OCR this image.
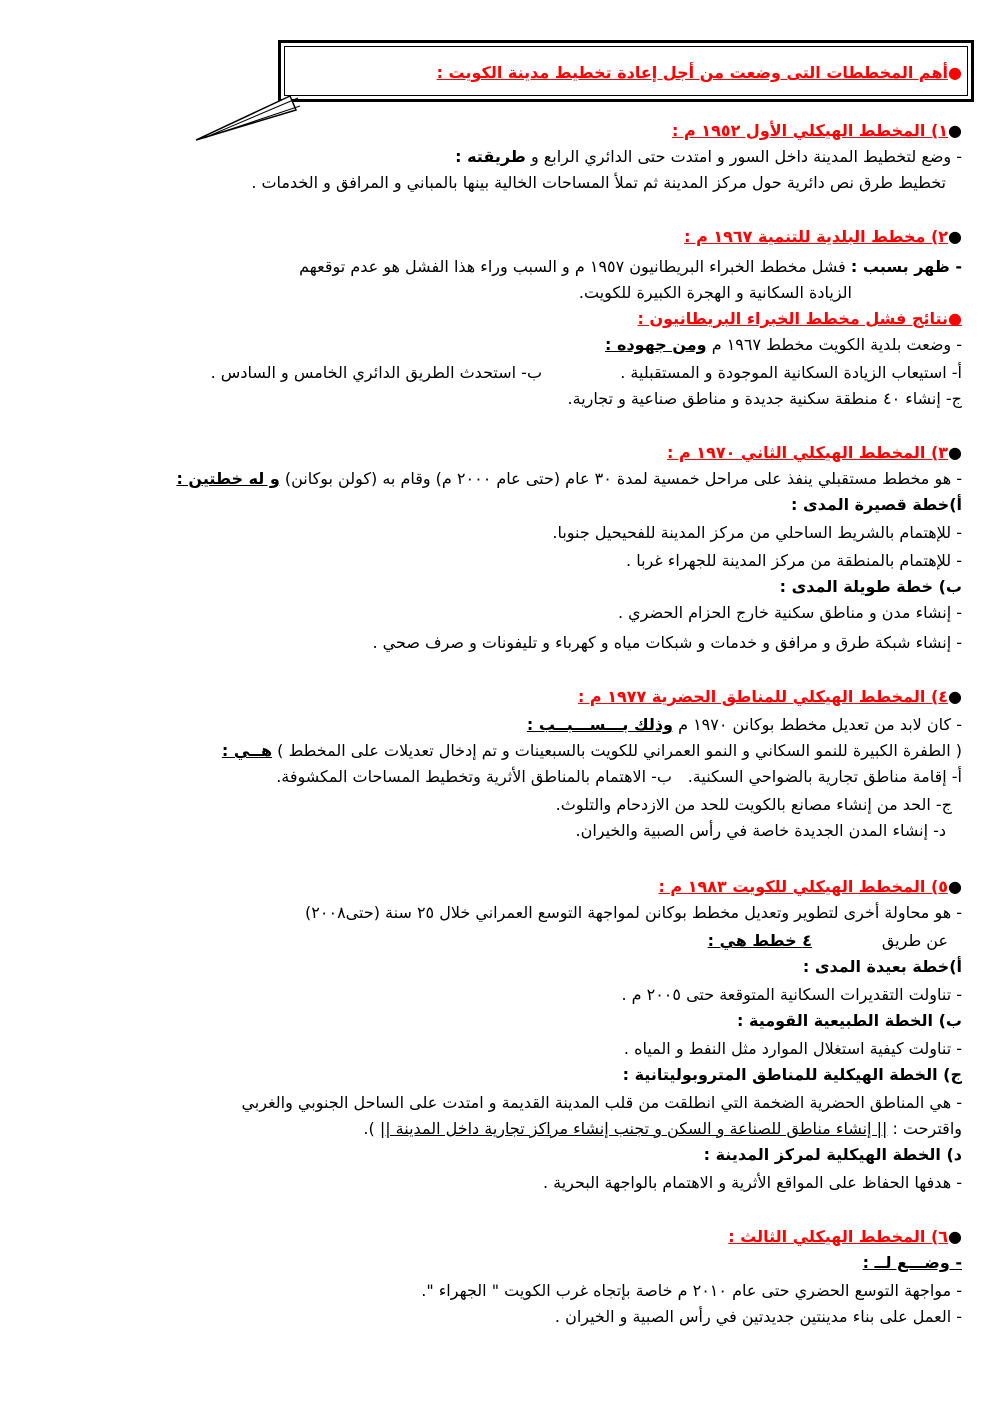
●أهم المخططات التى وضعت من أجل إعادة تخطيط مدينة الكويت :
●١) المخطط الهيكلي الأول ١٩٥٢ م :
- وضع لتخطيط المدينة داخل السور و امتدت حتى الدائري الرابع و طريقته :
تخطيط طرق نص دائرية حول مركز المدينة ثم تملأ المساحات الخالية بينها بالمباني و المرافق و الخدمات .
●٢) مخطط البلدية للتنمية ١٩٦٧ م :
- ظهر بسبب : فشل مخطط الخبراء البريطانيون ١٩٥٧ م و السبب وراء هذا الفشل هو عدم توقعهم
الزيادة السكانية و الهجرة الكبيرة للكويت.
●نتائج فشل مخطط الخبراء البريطانيون :
- وضعت بلدية الكويت مخطط ١٩٦٧ م ومن جهوده :
أ- استيعاب الزيادة السكانية الموجودة و المستقبلية .
ب- استحدث الطريق الدائري الخامس و السادس .
ج- إنشاء ٤٠ منطقة سكنية جديدة و مناطق صناعية و تجارية.
●٣) المخطط الهيكلي الثاني ١٩٧٠ م :
- هو مخطط مستقبلي ينفذ على مراحل خمسية لمدة ٣٠ عام (حتى عام ٢٠٠٠ م) وقام به (كولن بوكانن) و له خطتين :
أ)خطة قصيرة المدى :
- للإهتمام بالشريط الساحلي من مركز المدينة للفحيحيل جنوبا.
- للإهتمام بالمنطقة من مركز المدينة للجهراء غربا .
ب) خطة طويلة المدى :
- إنشاء مدن و مناطق سكنية خارج الحزام الحضري .
- إنشاء شبكة طرق و مرافق و خدمات و شبكات مياه و كهرباء و تليفونات و صرف صحي .
●٤) المخطط الهيكلي للمناطق الحضرية ١٩٧٧ م :
- كان لابد من تعديل مخطط بوكانن ١٩٧٠ م وذلك بـــســـبــب :
( الطفرة الكبيرة للنمو السكاني و النمو العمراني للكويت بالسبعينات و تم إدخال تعديلات على المخطط ) هــي :
أ- إقامة مناطق تجارية بالضواحي السكنية.
ب- الاهتمام بالمناطق الأثرية وتخطيط المساحات المكشوفة.
ج- الحد من إنشاء مصانع بالكويت للحد من الازدحام والتلوث.
د- إنشاء المدن الجديدة خاصة في رأس الصبية والخيران.
●٥) المخطط الهيكلي للكويت ١٩٨٣ م :
- هو محاولة أخرى لتطوير وتعديل مخطط بوكانن لمواجهة التوسع العمراني خلال ٢٥ سنة (حتى٢٠٠٨)
عن طريق
٤ خطط هي :
أ)خطة بعيدة المدى :
- تناولت التقديرات السكانية المتوقعة حتى ٢٠٠٥ م .
ب) الخطة الطبيعية القومية :
- تناولت كيفية استغلال الموارد مثل النفط و المياه .
ج) الخطة الهيكلية للمناطق المتروبوليتانية :
- هي المناطق الحضرية الضخمة التي انطلقت من قلب المدينة القديمة و امتدت على الساحل الجنوبي والغربي
واقترحت : || إنشاء مناطق للصناعة و السكن و تجنب إنشاء مراكز تجارية داخل المدينة || ).
د) الخطة الهيكلية لمركز المدينة :
- هدفها الحفاظ على المواقع الأثرية و الاهتمام بالواجهة البحرية .
●٦) المخطط الهيكلي الثالث :
- وضـــع لــ :
- مواجهة التوسع الحضري حتى عام ٢٠١٠ م خاصة بإتجاه غرب الكويت " الجهراء ".
- العمل على بناء مدينتين جديدتين في رأس الصبية و الخيران .
